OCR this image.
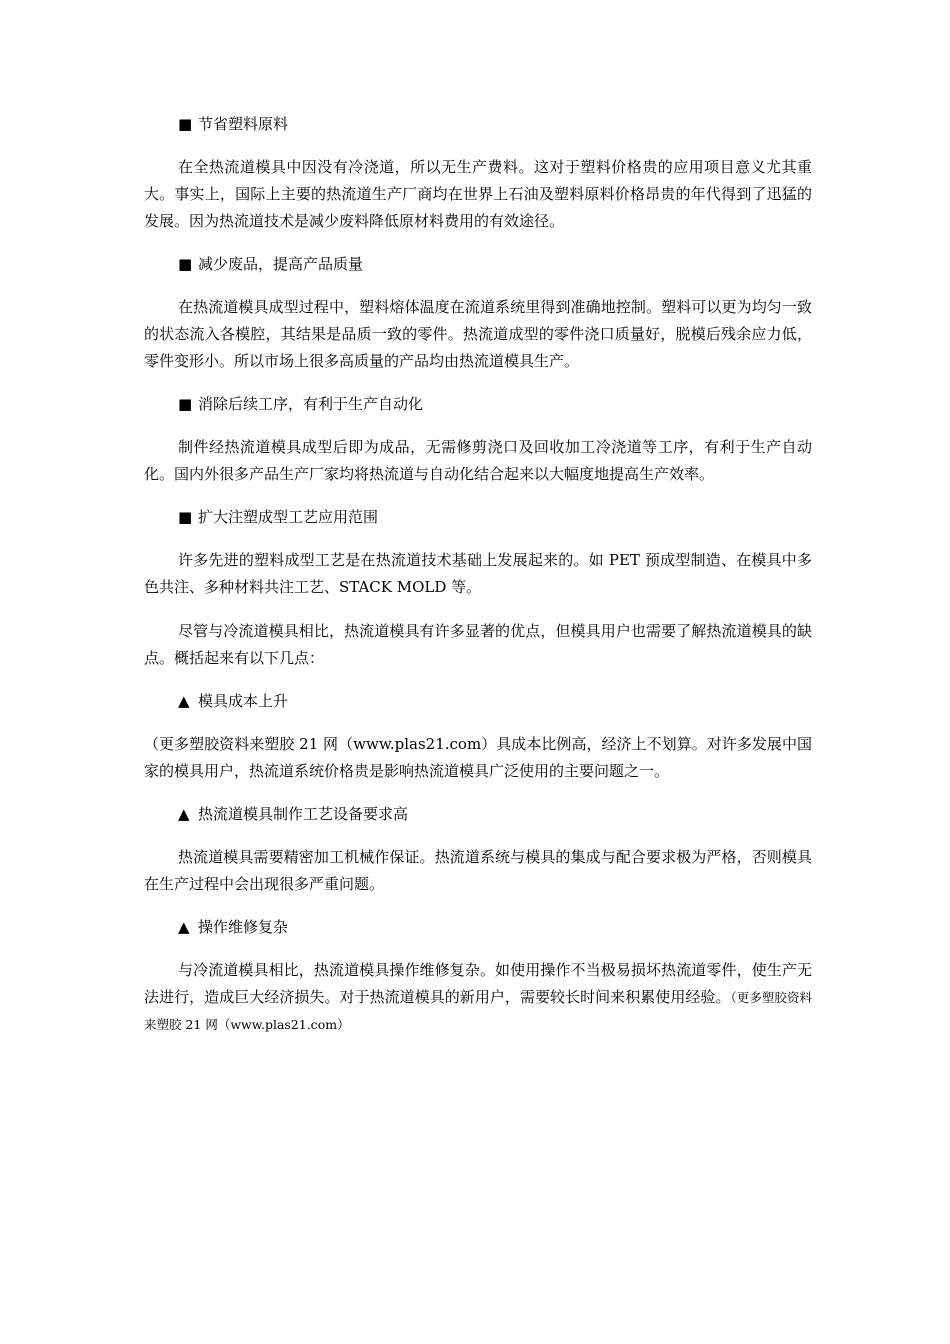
■ 节省塑料原料

在全热流道模具中因没有冷浇道，所以无生产费料。这对于塑料价格贵的应用项目意义尤其重大。事实上，国际上主要的热流道生产厂商均在世界上石油及塑料原料价格昂贵的年代得到了迅猛的发展。因为热流道技术是减少废料降低原材料费用的有效途径。

■ 减少废品，提高产品质量

在热流道模具成型过程中，塑料熔体温度在流道系统里得到准确地控制。塑料可以更为均匀一致的状态流入各模腔，其结果是品质一致的零件。热流道成型的零件浇口质量好，脱模后残余应力低，零件变形小。所以市场上很多高质量的产品均由热流道模具生产。

■ 消除后续工序，有利于生产自动化

制件经热流道模具成型后即为成品，无需修剪浇口及回收加工冷浇道等工序，有利于生产自动化。国内外很多产品生产厂家均将热流道与自动化结合起来以大幅度地提高生产效率。

■ 扩大注塑成型工艺应用范围

许多先进的塑料成型工艺是在热流道技术基础上发展起来的。如 PET 预成型制造、在模具中多色共注、多种材料共注工艺、STACK MOLD 等。

尽管与冷流道模具相比，热流道模具有许多显著的优点，但模具用户也需要了解热流道模具的缺点。概括起来有以下几点：

▲ 模具成本上升

（更多塑胶资料来塑胶 21 网（www.plas21.com）具成本比例高，经济上不划算。对许多发展中国家的模具用户，热流道系统价格贵是影响热流道模具广泛使用的主要问题之一。

▲ 热流道模具制作工艺设备要求高

热流道模具需要精密加工机械作保证。热流道系统与模具的集成与配合要求极为严格，否则模具在生产过程中会出现很多严重问题。

▲ 操作维修复杂

与冷流道模具相比，热流道模具操作维修复杂。如使用操作不当极易损坏热流道零件，使生产无法进行，造成巨大经济损失。对于热流道模具的新用户，需要较长时间来积累使用经验。（更多塑胶资料来塑胶 21 网（www.plas21.com）
